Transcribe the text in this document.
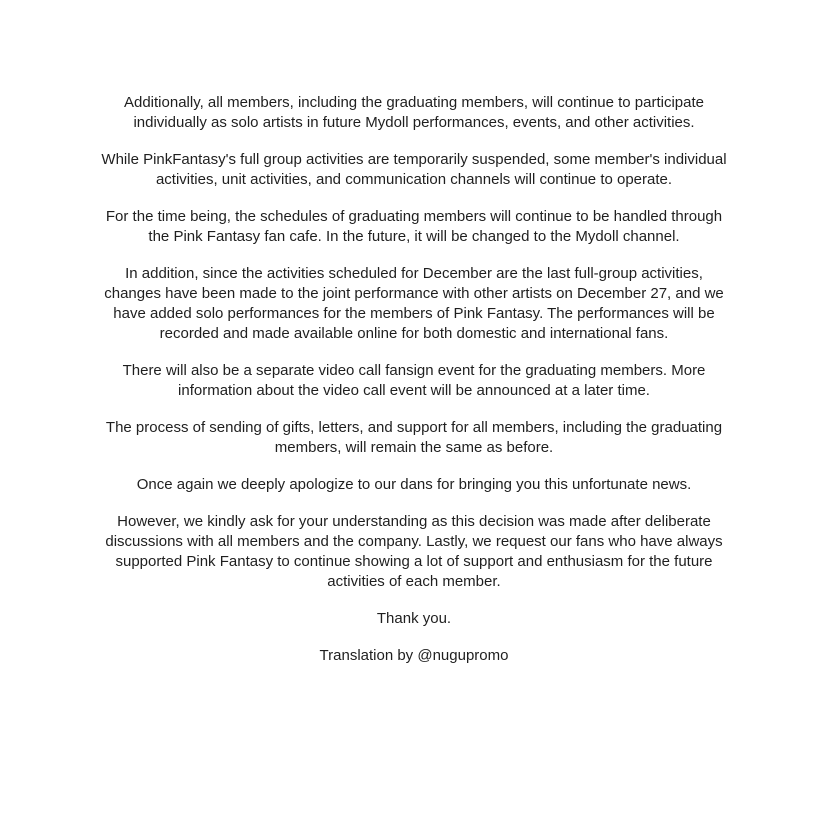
Additionally, all members, including the graduating members, will continue to participate individually as solo artists in future Mydoll performances, events, and other activities.

While PinkFantasy's full group activities are temporarily suspended, some member's individual activities, unit activities, and communication channels will continue to operate.

For the time being, the schedules of graduating members will continue to be handled through the Pink Fantasy fan cafe. In the future, it will be changed to the Mydoll channel.

In addition, since the activities scheduled for December are the last full-group activities, changes have been made to the joint performance with other artists on December 27, and we have added solo performances for the members of Pink Fantasy. The performances will be recorded and made available online for both domestic and international fans.

There will also be a separate video call fansign event for the graduating members. More information about the video call event will be announced at a later time.

The process of sending of gifts, letters, and support for all members, including the graduating members, will remain the same as before.

Once again we deeply apologize to our dans for bringing you this unfortunate news.

However, we kindly ask for your understanding as this decision was made after deliberate discussions with all members and the company. Lastly, we request our fans who have always supported Pink Fantasy to continue showing a lot of support and enthusiasm for the future activities of each member.

Thank you.

Translation by @nugupromo
